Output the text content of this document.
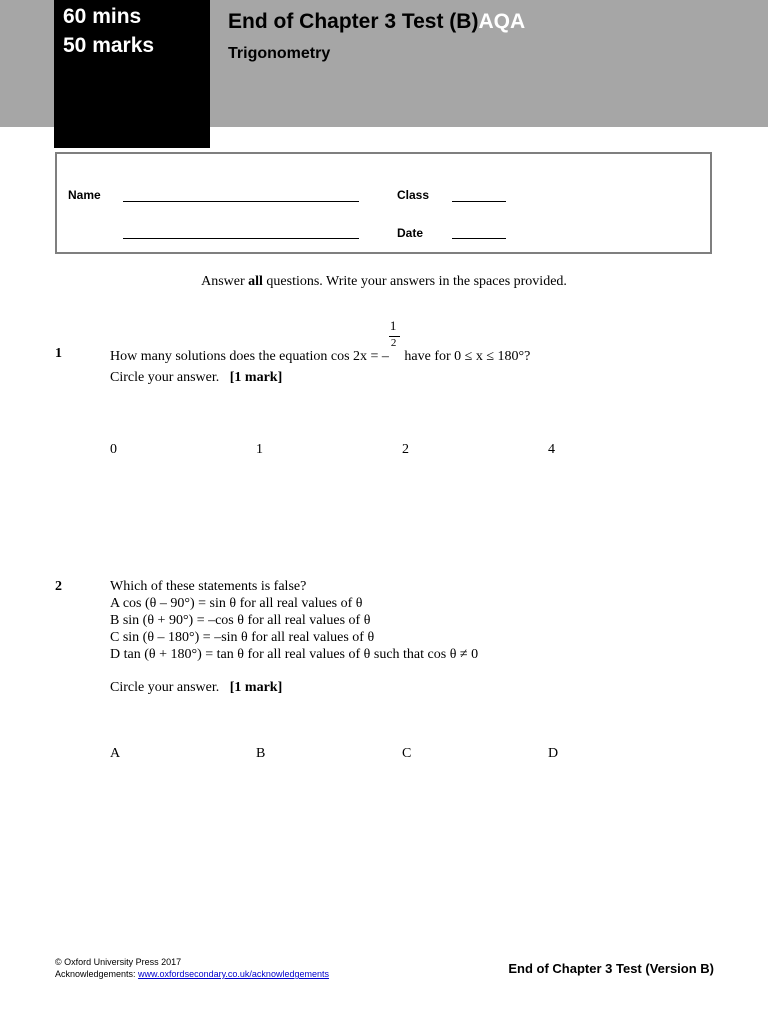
60 mins
50 marks
End of Chapter 3 Test (B)AQA
Trigonometry
Name	Class
Date
Answer all questions. Write your answers in the spaces provided.
1	How many solutions does the equation cos 2x = – $\frac{1}{2}$ have for 0 ≤ x ≤ 180°?
Circle your answer. [1 mark]
0	1	2	4
2	Which of these statements is false?
A cos (θ – 90°) = sin θ for all real values of θ
B sin (θ + 90°) = –cos θ for all real values of θ
C sin (θ – 180°) = –sin θ for all real values of θ
D tan (θ + 180°) = tan θ for all real values of θ such that cos θ ≠ 0
Circle your answer. [1 mark]
A	B	C	D
© Oxford University Press 2017
Acknowledgements: www.oxfordsecondary.co.uk/acknowledgements	End of Chapter 3 Test (Version B)
